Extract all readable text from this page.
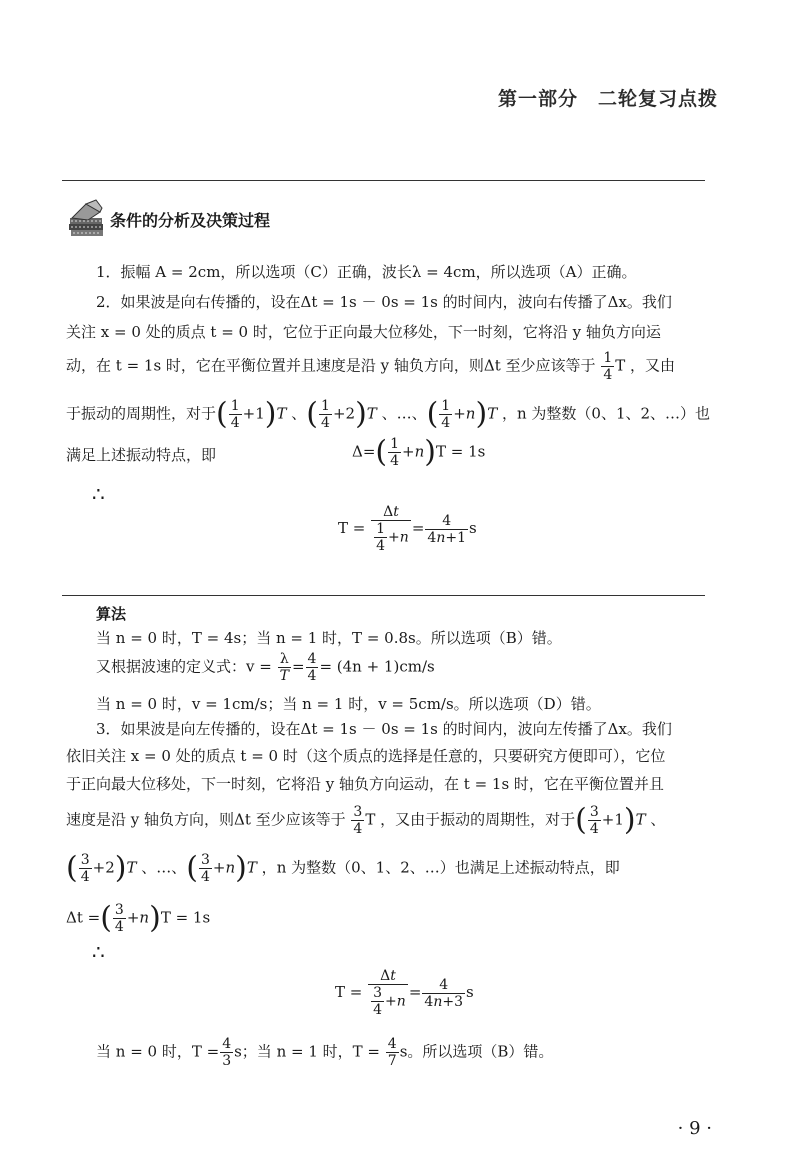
第一部分　二轮复习点拨
条件的分析及决策过程
1．振幅 A = 2cm，所以选项（C）正确，波长λ = 4cm，所以选项（A）正确。
2．如果波是向右传播的，设在Δt = 1s － 0s = 1s 的时间内，波向右传播了Δx。我们
关注 x = 0 处的质点 t = 0 时，它位于正向最大位移处，下一时刻，它将沿 y 轴负方向运
动，在 t = 1s 时，它在平衡位置并且速度是沿 y 轴负方向，则Δt 至少应该等于 $\frac{1}{4}$ T ，又由
于振动的周期性，对于( $\frac{1}{4} +1)T$ 、( $\frac{1}{4} +2)T$ 、…、( $\frac{1}{4} +n)T$ ，n 为整数（0、1、2、…）也
满足上述振动特点，即	$\Delta=( \frac{1}{4} +n)T = 1s$
∴
$T = \frac{\Delta t}{\frac{1}{4} +n} = \frac{4}{4n+1}$ s
算法
当 n = 0 时，T = 4s；当 n = 1 时，T = 0.8s。所以选项（B）错。
又根据波速的定义式：$v = \frac{\lambda}{T} = \frac{4}{4} = (4n + 1)cm/s$
当 n = 0 时，v = 1cm/s；当 n = 1 时，v = 5cm/s。所以选项（D）错。
3．如果波是向左传播的，设在Δt = 1s － 0s = 1s 的时间内，波向左传播了Δx。我们
依旧关注 x = 0 处的质点 t = 0 时（这个质点的选择是任意的，只要研究方便即可），它位
于正向最大位移处，下一时刻，它将沿 y 轴负方向运动，在 t = 1s 时，它在平衡位置并且
速度是沿 y 轴负方向，则Δt 至少应该等于 $\frac{3}{4}$ T ，又由于振动的周期性，对于( $\frac{3}{4} +1)T$ 、
( $\frac{3}{4} +2)T$ 、…、( $\frac{3}{4} +n)T$ ，n 为整数（0、1、2、…）也满足上述振动特点，即
Δt =( $\frac{3}{4} +n)T = 1s$
∴
$T = \frac{\Delta t}{\frac{3}{4} +n} = \frac{4}{4n+3}$ s
当 n = 0 时，$T = \frac{4}{3}$ s；当 n = 1 时，$T = \frac{4}{7}$ s。所以选项（B）错。
· 9 ·
